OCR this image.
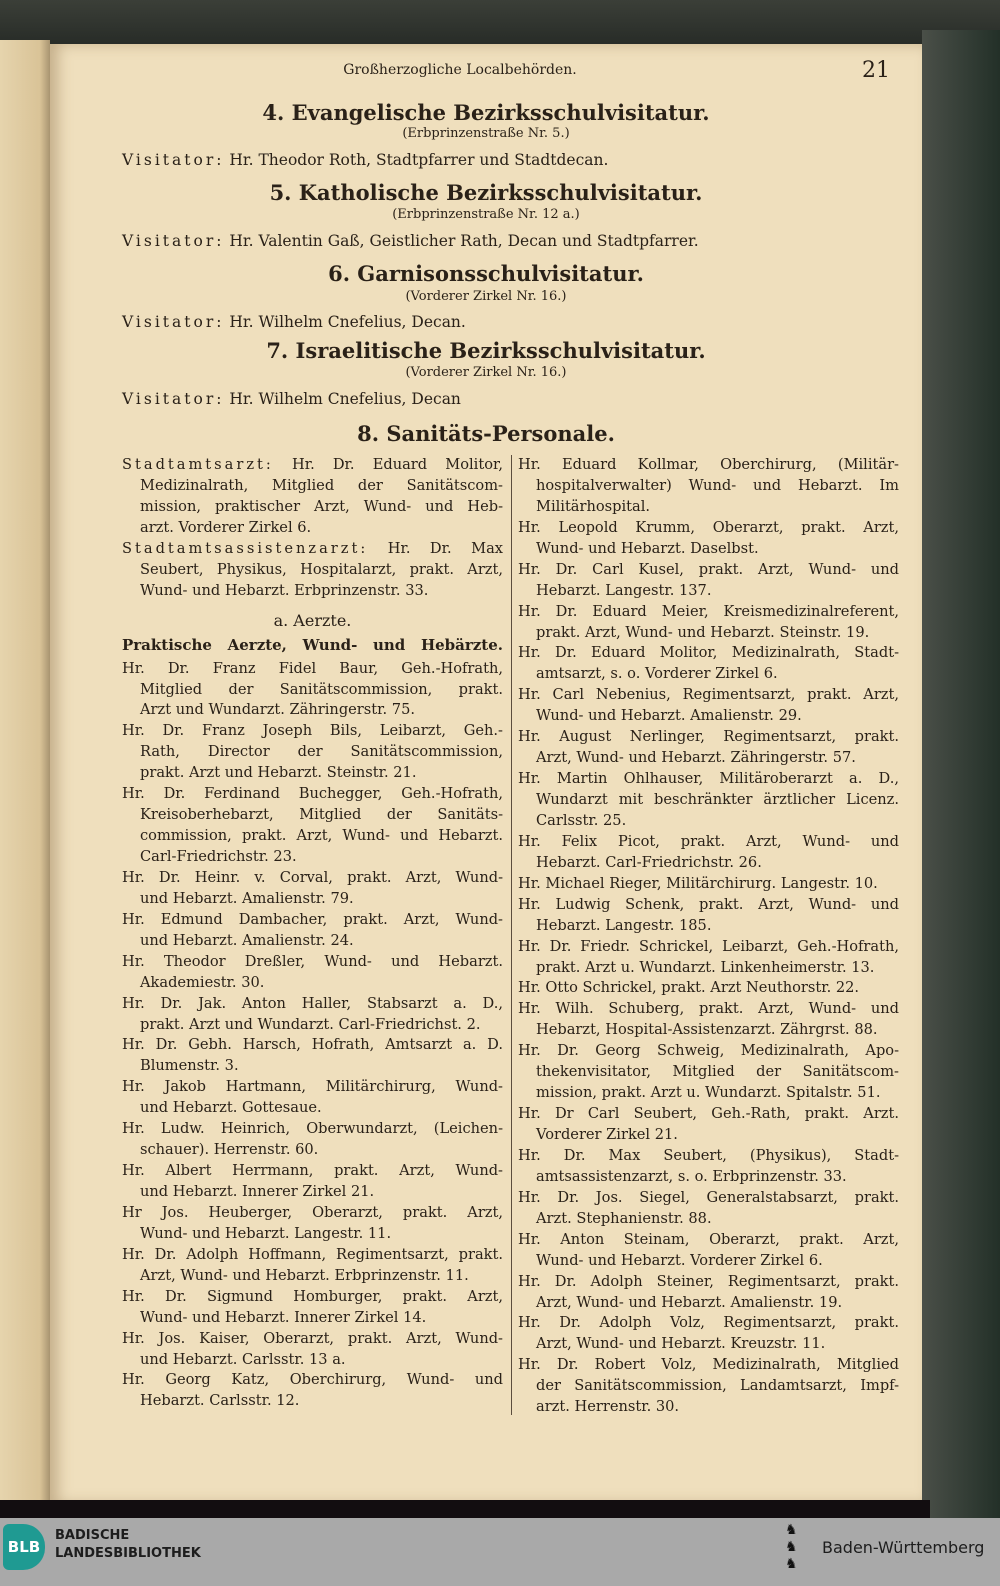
Großherzogliche Localbehörden.	21
4. Evangelische Bezirksschulvisitatur.
(Erbprinzenstraße Nr. 5.)
Visitator: Hr. Theodor Roth, Stadtpfarrer und Stadtdecan.
5. Katholische Bezirksschulvisitatur.
(Erbprinzenstraße Nr. 12 a.)
Visitator: Hr. Valentin Gaß, Geistlicher Rath, Decan und Stadtpfarrer.
6. Garnisonsschulvisitatur.
(Vorderer Zirkel Nr. 16.)
Visitator: Hr. Wilhelm Cnefelius, Decan.
7. Israelitische Bezirksschulvisitatur.
(Vorderer Zirkel Nr. 16.)
Visitator: Hr. Wilhelm Cnefelius, Decan
8. Sanitäts-Personale.
Stadtamtsarzt: Hr. Dr. Eduard Molitor,
Medizinalrath, Mitglied der Sanitätscom-
mission, praktischer Arzt, Wund- und Heb-
arzt. Vorderer Zirkel 6.
Stadtamtsassistenzarzt: Hr. Dr. Max
Seubert, Physikus, Hospitalarzt, prakt. Arzt,
Wund- und Hebarzt. Erbprinzenstr. 33.
a. Aerzte.
Praktische Aerzte, Wund- und Hebärzte.
Hr. Dr. Franz Fidel Baur, Geh.-Hofrath,
Mitglied der Sanitätscommission, prakt.
Arzt und Wundarzt. Zähringerstr. 75.
Hr. Dr. Franz Joseph Bils, Leibarzt, Geh.-
Rath, Director der Sanitätscommission,
prakt. Arzt und Hebarzt. Steinstr. 21.
Hr. Dr. Ferdinand Buchegger, Geh.-Hofrath,
Kreisoberhebarzt, Mitglied der Sanitäts-
commission, prakt. Arzt, Wund- und Hebarzt.
Carl-Friedrichstr. 23.
Hr. Dr. Heinr. v. Corval, prakt. Arzt, Wund-
und Hebarzt. Amalienstr. 79.
Hr. Edmund Dambacher, prakt. Arzt, Wund-
und Hebarzt. Amalienstr. 24.
Hr. Theodor Dreßler, Wund- und Hebarzt.
Akademiestr. 30.
Hr. Dr. Jak. Anton Haller, Stabsarzt a. D.,
prakt. Arzt und Wundarzt. Carl-Friedrichst. 2.
Hr. Dr. Gebh. Harsch, Hofrath, Amtsarzt a. D.
Blumenstr. 3.
Hr. Jakob Hartmann, Militärchirurg, Wund-
und Hebarzt. Gottesaue.
Hr. Ludw. Heinrich, Oberwundarzt, (Leichen-
schauer). Herrenstr. 60.
Hr. Albert Herrmann, prakt. Arzt, Wund-
und Hebarzt. Innerer Zirkel 21.
Hr Jos. Heuberger, Oberarzt, prakt. Arzt,
Wund- und Hebarzt. Langestr. 11.
Hr. Dr. Adolph Hoffmann, Regimentsarzt, prakt.
Arzt, Wund- und Hebarzt. Erbprinzenstr. 11.
Hr. Dr. Sigmund Homburger, prakt. Arzt,
Wund- und Hebarzt. Innerer Zirkel 14.
Hr. Jos. Kaiser, Oberarzt, prakt. Arzt, Wund-
und Hebarzt. Carlsstr. 13 a.
Hr. Georg Katz, Oberchirurg, Wund- und
Hebarzt. Carlsstr. 12.
Hr. Eduard Kollmar, Oberchirurg, (Militär-
hospitalverwalter) Wund- und Hebarzt. Im
Militärhospital.
Hr. Leopold Krumm, Oberarzt, prakt. Arzt,
Wund- und Hebarzt. Daselbst.
Hr. Dr. Carl Kusel, prakt. Arzt, Wund- und
Hebarzt. Langestr. 137.
Hr. Dr. Eduard Meier, Kreismedizinalreferent,
prakt. Arzt, Wund- und Hebarzt. Steinstr. 19.
Hr. Dr. Eduard Molitor, Medizinalrath, Stadt-
amtsarzt, s. o. Vorderer Zirkel 6.
Hr. Carl Nebenius, Regimentsarzt, prakt. Arzt,
Wund- und Hebarzt. Amalienstr. 29.
Hr. August Nerlinger, Regimentsarzt, prakt.
Arzt, Wund- und Hebarzt. Zähringerstr. 57.
Hr. Martin Ohlhauser, Militäroberarzt a. D.,
Wundarzt mit beschränkter ärztlicher Licenz.
Carlsstr. 25.
Hr. Felix Picot, prakt. Arzt, Wund- und
Hebarzt. Carl-Friedrichstr. 26.
Hr. Michael Rieger, Militärchirurg. Langestr. 10.
Hr. Ludwig Schenk, prakt. Arzt, Wund- und
Hebarzt. Langestr. 185.
Hr. Dr. Friedr. Schrickel, Leibarzt, Geh.-Hofrath,
prakt. Arzt u. Wundarzt. Linkenheimerstr. 13.
Hr. Otto Schrickel, prakt. Arzt Neuthorstr. 22.
Hr. Wilh. Schuberg, prakt. Arzt, Wund- und
Hebarzt, Hospital-Assistenzarzt. Zährgrst. 88.
Hr. Dr. Georg Schweig, Medizinalrath, Apo-
thekenvisitator, Mitglied der Sanitätscom-
mission, prakt. Arzt u. Wundarzt. Spitalstr. 51.
Hr. Dr Carl Seubert, Geh.-Rath, prakt. Arzt.
Vorderer Zirkel 21.
Hr. Dr. Max Seubert, (Physikus), Stadt-
amtsassistenzarzt, s. o. Erbprinzenstr. 33.
Hr. Dr. Jos. Siegel, Generalstabsarzt, prakt.
Arzt. Stephanienstr. 88.
Hr. Anton Steinam, Oberarzt, prakt. Arzt,
Wund- und Hebarzt. Vorderer Zirkel 6.
Hr. Dr. Adolph Steiner, Regimentsarzt, prakt.
Arzt, Wund- und Hebarzt. Amalienstr. 19.
Hr. Dr. Adolph Volz, Regimentsarzt, prakt.
Arzt, Wund- und Hebarzt. Kreuzstr. 11.
Hr. Dr. Robert Volz, Medizinalrath, Mitglied
der Sanitätscommission, Landamtsarzt, Impf-
arzt. Herrenstr. 30.
BLB
BADISCHE
LANDESBIBLIOTHEK
♞
♞
♞
Baden-Württemberg
